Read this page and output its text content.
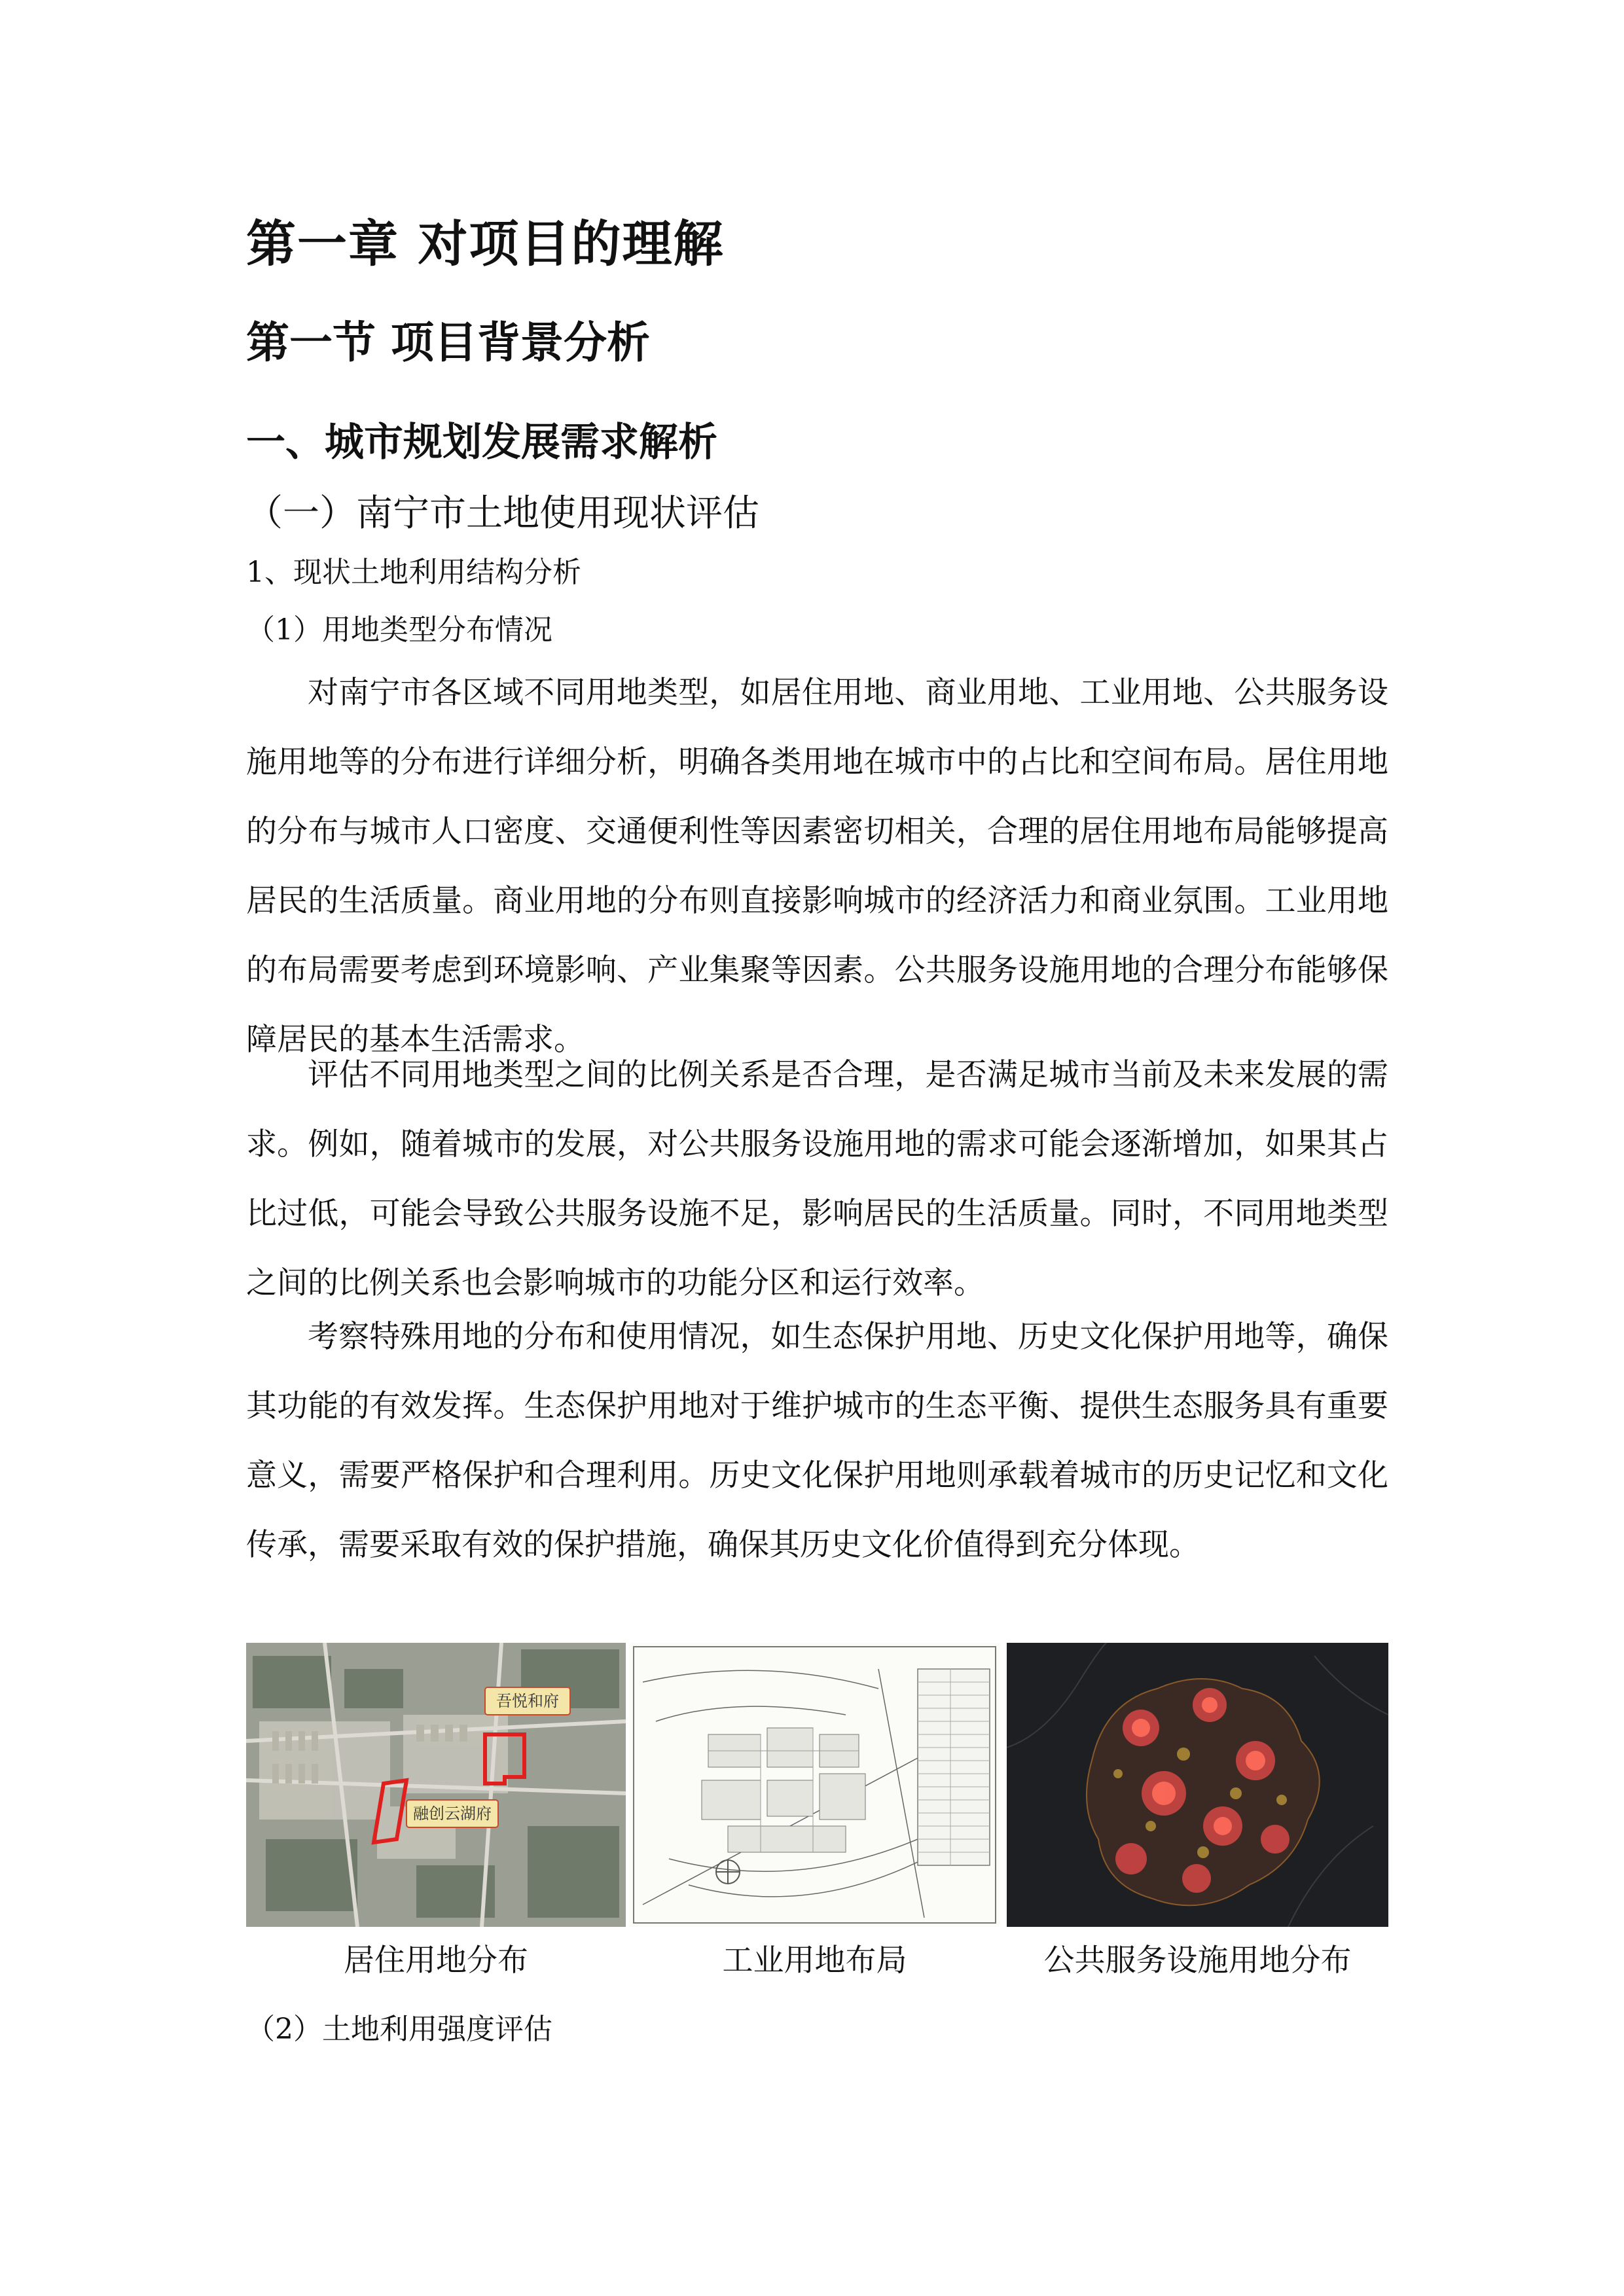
第一章 对项目的理解
第一节 项目背景分析
一、城市规划发展需求解析
（一）南宁市土地使用现状评估
1、现状土地利用结构分析
（1）用地类型分布情况

对南宁市各区域不同用地类型，如居住用地、商业用地、工业用地、公共服务设施用地等的分布进行详细分析，明确各类用地在城市中的占比和空间布局。居住用地的分布与城市人口密度、交通便利性等因素密切相关，合理的居住用地布局能够提高居民的生活质量。商业用地的分布则直接影响城市的经济活力和商业氛围。工业用地的布局需要考虑到环境影响、产业集聚等因素。公共服务设施用地的合理分布能够保障居民的基本生活需求。

评估不同用地类型之间的比例关系是否合理，是否满足城市当前及未来发展的需求。例如，随着城市的发展，对公共服务设施用地的需求可能会逐渐增加，如果其占比过低，可能会导致公共服务设施不足，影响居民的生活质量。同时，不同用地类型之间的比例关系也会影响城市的功能分区和运行效率。

考察特殊用地的分布和使用情况，如生态保护用地、历史文化保护用地等，确保其功能的有效发挥。生态保护用地对于维护城市的生态平衡、提供生态服务具有重要意义，需要严格保护和合理利用。历史文化保护用地则承载着城市的历史记忆和文化传承，需要采取有效的保护措施，确保其历史文化价值得到充分体现。

吾悦和府
融创云湖府
居住用地分布	工业用地布局	公共服务设施用地分布
（2）土地利用强度评估
